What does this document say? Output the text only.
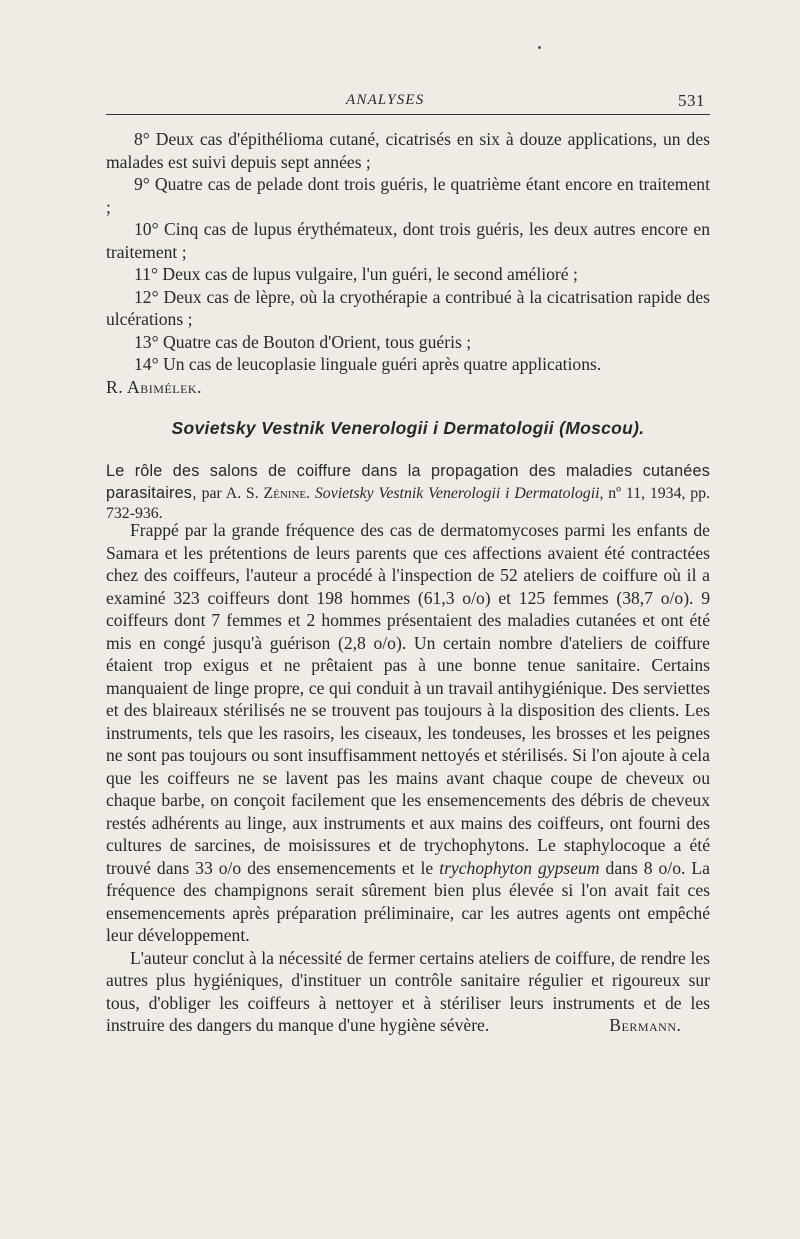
ANALYSES	531

8° Deux cas d'épithélioma cutané, cicatrisés en six à douze applications, un des malades est suivi depuis sept années ;

9° Quatre cas de pelade dont trois guéris, le quatrième étant encore en traitement ;

10° Cinq cas de lupus érythémateux, dont trois guéris, les deux autres encore en traitement ;

11° Deux cas de lupus vulgaire, l'un guéri, le second amélioré ;

12° Deux cas de lèpre, où la cryothérapie a contribué à la cicatrisation rapide des ulcérations ;

13° Quatre cas de Bouton d'Orient, tous guéris ;

14° Un cas de leucoplasie linguale guéri après quatre applications.

R. Abimélek.

Sovietsky Vestnik Venerologii i Dermatologii (Moscou).
Le rôle des salons de coiffure dans la propagation des maladies cutanées parasitaires, par A. S. Zénine. Sovietsky Vestnik Venerologii i Dermatologii, nº 11, 1934, pp. 732-936.

Frappé par la grande fréquence des cas de dermatomycoses parmi les enfants de Samara et les prétentions de leurs parents que ces affections avaient été contractées chez des coiffeurs, l'auteur a procédé à l'inspection de 52 ateliers de coiffure où il a examiné 323 coiffeurs dont 198 hommes (61,3 o/o) et 125 femmes (38,7 o/o). 9 coiffeurs dont 7 femmes et 2 hommes présentaient des maladies cutanées et ont été mis en congé jusqu'à guérison (2,8 o/o). Un certain nombre d'ateliers de coiffure étaient trop exigus et ne prêtaient pas à une bonne tenue sanitaire. Certains manquaient de linge propre, ce qui conduit à un travail antihygiénique. Des serviettes et des blaireaux stérilisés ne se trouvent pas toujours à la disposition des clients. Les instruments, tels que les rasoirs, les ciseaux, les tondeuses, les brosses et les peignes ne sont pas toujours ou sont insuffisamment nettoyés et stérilisés. Si l'on ajoute à cela que les coiffeurs ne se lavent pas les mains avant chaque coupe de cheveux ou chaque barbe, on conçoit facilement que les ensemencements des débris de cheveux restés adhérents au linge, aux instruments et aux mains des coiffeurs, ont fourni des cultures de sarcines, de moisissures et de trychophytons. Le staphylocoque a été trouvé dans 33 o/o des ensemencements et le trychophyton gypseum dans 8 o/o. La fréquence des champignons serait sûrement bien plus élevée si l'on avait fait ces ensemencements après préparation préliminaire, car les autres agents ont empêché leur développement.

L'auteur conclut à la nécessité de fermer certains ateliers de coiffure, de rendre les autres plus hygiéniques, d'instituer un contrôle sanitaire régulier et rigoureux sur tous, d'obliger les coiffeurs à nettoyer et à stériliser leurs instruments et de les instruire des dangers du manque d'une hygiène sévère.	Bermann.
